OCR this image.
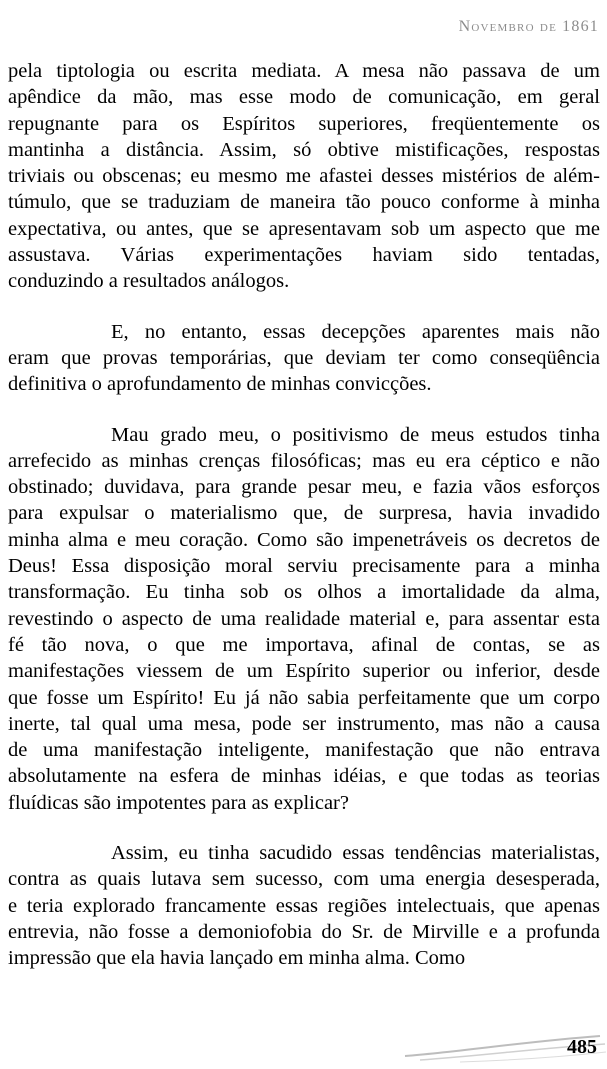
Novembro de 1861

pela tiptologia ou escrita mediata. A mesa não passava de um

apêndice da mão, mas esse modo de comunicação, em geral

repugnante para os Espíritos superiores, freqüentemente os

mantinha a distância. Assim, só obtive mistificações, respostas

triviais ou obscenas; eu mesmo me afastei desses mistérios de além-

túmulo, que se traduziam de maneira tão pouco conforme à minha

expectativa, ou antes, que se apresentavam sob um aspecto que me

assustava. Várias experimentações haviam sido tentadas,

conduzindo a resultados análogos.

E, no entanto, essas decepções aparentes mais não

eram que provas temporárias, que deviam ter como conseqüência

definitiva o aprofundamento de minhas convicções.

Mau grado meu, o positivismo de meus estudos tinha

arrefecido as minhas crenças filosóficas; mas eu era céptico e não

obstinado; duvidava, para grande pesar meu, e fazia vãos esforços

para expulsar o materialismo que, de surpresa, havia invadido

minha alma e meu coração. Como são impenetráveis os decretos de

Deus! Essa disposição moral serviu precisamente para a minha

transformação. Eu tinha sob os olhos a imortalidade da alma,

revestindo o aspecto de uma realidade material e, para assentar esta

fé tão nova, o que me importava, afinal de contas, se as

manifestações viessem de um Espírito superior ou inferior, desde

que fosse um Espírito! Eu já não sabia perfeitamente que um corpo

inerte, tal qual uma mesa, pode ser instrumento, mas não a causa

de uma manifestação inteligente, manifestação que não entrava

absolutamente na esfera de minhas idéias, e que todas as teorias

fluídicas são impotentes para as explicar?

Assim, eu tinha sacudido essas tendências materialistas,

contra as quais lutava sem sucesso, com uma energia desesperada,

e teria explorado francamente essas regiões intelectuais, que apenas

entrevia, não fosse a demoniofobia do Sr. de Mirville e a profunda

impressão que ela havia lançado em minha alma. Como

485
